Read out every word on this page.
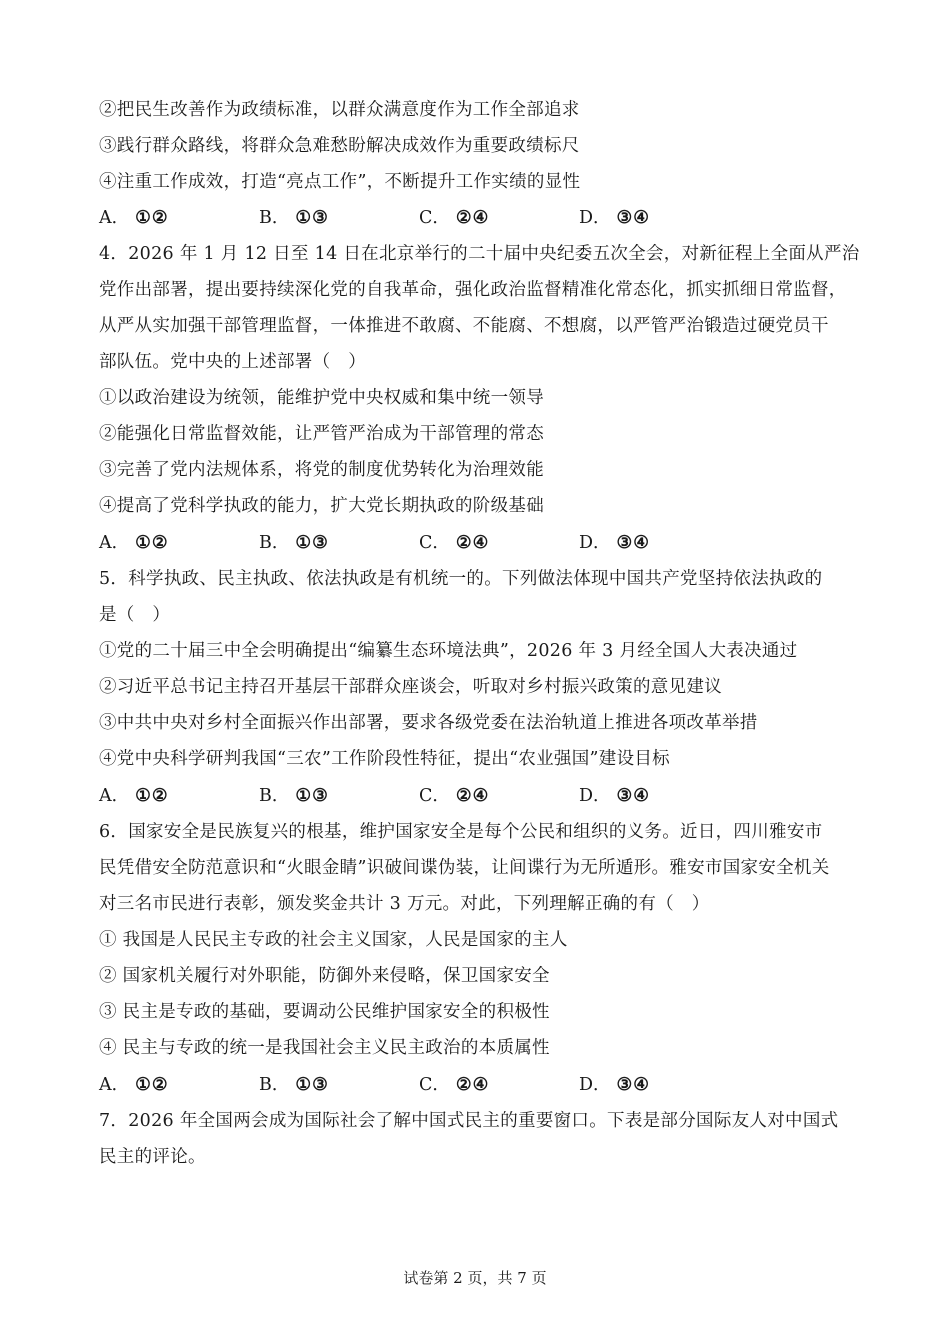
②把民生改善作为政绩标准，以群众满意度作为工作全部追求
③践行群众路线，将群众急难愁盼解决成效作为重要政绩标尺
④注重工作成效，打造“亮点工作”，不断提升工作实绩的显性
A． ①②	B． ①③	C． ②④	D． ③④
4．2026 年 1 月 12 日至 14 日在北京举行的二十届中央纪委五次全会，对新征程上全面从严治
党作出部署，提出要持续深化党的自我革命，强化政治监督精准化常态化，抓实抓细日常监督，
从严从实加强干部管理监督，一体推进不敢腐、不能腐、不想腐，以严管严治锻造过硬党员干
部队伍。党中央的上述部署（　）
①以政治建设为统领，能维护党中央权威和集中统一领导
②能强化日常监督效能，让严管严治成为干部管理的常态
③完善了党内法规体系，将党的制度优势转化为治理效能
④提高了党科学执政的能力，扩大党长期执政的阶级基础
A． ①②	B． ①③	C． ②④	D． ③④
5．科学执政、民主执政、依法执政是有机统一的。下列做法体现中国共产党坚持依法执政的
是（　）
①党的二十届三中全会明确提出“编纂生态环境法典”，2026 年 3 月经全国人大表决通过
②习近平总书记主持召开基层干部群众座谈会，听取对乡村振兴政策的意见建议
③中共中央对乡村全面振兴作出部署，要求各级党委在法治轨道上推进各项改革举措
④党中央科学研判我国“三农”工作阶段性特征，提出“农业强国”建设目标
A． ①②	B． ①③	C． ②④	D． ③④
6．国家安全是民族复兴的根基，维护国家安全是每个公民和组织的义务。近日，四川雅安市
民凭借安全防范意识和“火眼金睛”识破间谍伪装，让间谍行为无所遁形。雅安市国家安全机关
对三名市民进行表彰，颁发奖金共计 3 万元。对此，下列理解正确的有（　）
① 我国是人民民主专政的社会主义国家，人民是国家的主人
② 国家机关履行对外职能，防御外来侵略，保卫国家安全
③ 民主是专政的基础，要调动公民维护国家安全的积极性
④ 民主与专政的统一是我国社会主义民主政治的本质属性
A． ①②	B． ①③	C． ②④	D． ③④
7．2026 年全国两会成为国际社会了解中国式民主的重要窗口。下表是部分国际友人对中国式
民主的评论。
试卷第 2 页，共 7 页
